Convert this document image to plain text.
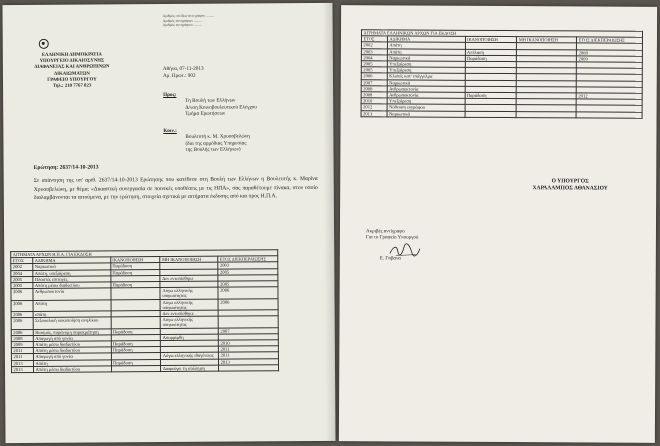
Αριθμός σελίδων αντιγράφου .........
Αριθμός αντιγράφων .........
Αριθμός αντιγράφου .........
ΕΛΛΗΝΙΚΗ ΔΗΜΟΚΡΑΤΙΑ
ΥΠΟΥΡΓΕΙΟ ΔΙΚΑΙΟΣΥΝΗΣ
ΔΙΑΦΑΝΕΙΑΣ ΚΑΙ ΑΝΘΡΩΠΙΝΩΝ
ΔΙΚΑΙΩΜΑΤΩΝ
ΓΡΑΦΕΙΟ ΥΠΟΥΡΓΟΥ
Τηλ.: 210 7767 023
Αθήνα, 07-11-2013
Αρ. Πρωτ.: 902
Προς:
Τη Βουλή των Ελλήνων
Δ/νση Κοινοβουλευτικού Ελέγχου
Τμήμα Ερωτήσεων
Κοιν.:
Βουλευτή κ. Μ. Χρυσοβελώνη
(δια της αρμόδιας Υπηρεσίας
της Βουλής των Ελλήνων)
Ερώτηση: 2637/14-10-2013
Σε απάντηση της υπ' αριθ. 2637/14-10-2013 Ερώτησης που κατέθεσε στη Βουλή των Ελλήνων η Βουλευτής κ. Μαρίνα Χρυσοβελώνη, με θέμα: «Δικαστική συνεργασία σε ποινικές υποθέσεις με τις ΗΠΑ», σας παραθέτουμε πίνακα, στον οποίο διαλαμβάνονται τα αιτούμενα, με την ερώτηση, στοιχεία σχετικά με αιτήματα έκδοσης από και προς Η.Π.Α.
ΑΙΤΗΜΑΤΑ ΑΡΧΩΝ Η.Π.Α. ΓΙΑ ΕΚΔΟΣΗ				
ΕΤΟΣ	ΑΔΙΚΗΜΑ	ΙΚΑΝΟΠΟΙΗΣΗ	ΜΗ ΙΚΑΝΟΠΟΙΗΣΗ	ΕΤΟΣ ΔΙΕΚΠΕΡΑΙΩΣΗΣ
2002	Ναρκωτικά	Παράδοση		2003
2004	Απάτη, υπεξαίρεση	Παράδοση		2005
2005	Πλαστές επιταγές		Δεν εντοπίσθηκε	
2005	Απάτη μέσω διαδικτύου	Παράδοση		2005
2006	Ανθρωποκτονία		Λόγω ελληνικής υπηκοότητας	2006
2006	Απάτη		Λόγω ελληνικής υπηκοότητας	2006
2006	απάτη		Δεν εντοπίσθηκε	
2006	Σεξουαλική κακοποίηση ανηλίκου		Λόγω ελληνικής υπηκοότητας	
2006	Βιασμός, παράνομη παρακράτηση	Παράδοση		2007
2008	Απαγωγή από γονέα		Απορρίφθη	
2009	Απάτη μέσω διαδικτύου	Παράδοση		2010
2011	Απάτη μέσω διαδικτύου	Παράδοση		2011
2011	Απαγωγή από γονέα		Λόγω ελληνικής ιθαγένειας	2011
2013	Απάτη	Παράδοση		2013
2013	Απάτη μέσω διαδικτύου		Διαφεύγει τη σύλληψη	
ΑΙΤΗΜΑΤΑ ΕΛΛΗΝΙΚΩΝ ΑΡΧΩΝ ΓΙΑ ΕΚΔΟΣΗ				
ΕΤΟΣ	ΑΔΙΚΗΜΑ	ΙΚΑΝΟΠΟΙΗΣΗ	ΜΗ ΙΚΑΝΟΠΟΙΗΣΗ	ΕΤΟΣ ΔΙΕΚΠΕΡΑΙΩΣΗΣ
2002	Απάτη			
2003	Απάτη	Απέλαση		2008
2004	Ναρκωτικά	Παράδοση		2009
2005	Υπεξαίρεση			
2005	Υπεξαίρεση			
2006	Κλοπές κατ' επάγγελμα			
2007	Ναρκωτικά			
2008	Ανθρωποκτονία			
2008	Ανθρωποκτονία	Παράδοση		2012
2010	Υπεξαίρεση			
2012	Νόθευση εγγράφου			
2013	Ναρκωτικά			
Ο ΥΠΟΥΡΓΟΣ
ΧΑΡΑΛΑΜΠΟΣ ΑΘΑΝΑΣΙΟΥ
Ακριβές αντίγραφο
Για το Γραφείο Υπουργού
Ε. Γαβανα
